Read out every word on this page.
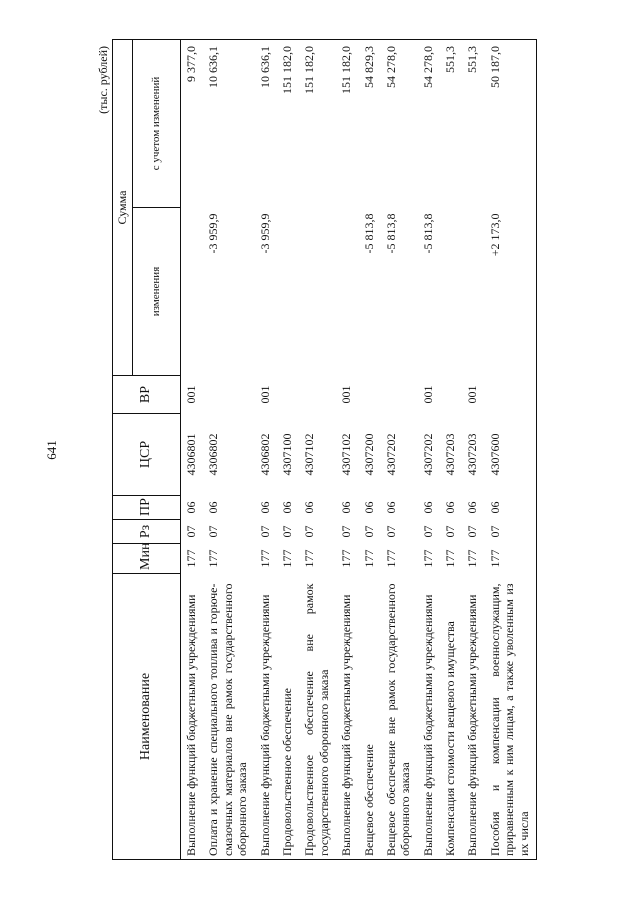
641
(тыс. рублей)
Наименование	Мин	Рз	ПР	ЦСР	ВР	Сумма	
						изменения	с учетом изменений
Выполнение функций бюджетными учреждениями	177	07	06	4306801	001		9 377,0
Оплата и хранение специального топлива и горюче-смазочных материалов вне рамок государственного оборонного заказа	177	07	06	4306802		-3 959,9	10 636,1
Выполнение функций бюджетными учреждениями	177	07	06	4306802	001	-3 959,9	10 636,1
Продовольственное обеспечение	177	07	06	4307100			151 182,0
Продовольственное обеспечение вне рамок государственного оборонного заказа	177	07	06	4307102			151 182,0
Выполнение функций бюджетными учреждениями	177	07	06	4307102	001		151 182,0
Вещевое обеспечение	177	07	06	4307200		-5 813,8	54 829,3
Вещевое обеспечение вне рамок государственного оборонного заказа	177	07	06	4307202		-5 813,8	54 278,0
Выполнение функций бюджетными учреждениями	177	07	06	4307202	001	-5 813,8	54 278,0
Компенсация стоимости вещевого имущества	177	07	06	4307203			551,3
Выполнение функций бюджетными учреждениями	177	07	06	4307203	001		551,3
Пособия и компенсации военнослужащим, приравненным к ним лицам, а также уволенным из их числа	177	07	06	4307600		+2 173,0	50 187,0
